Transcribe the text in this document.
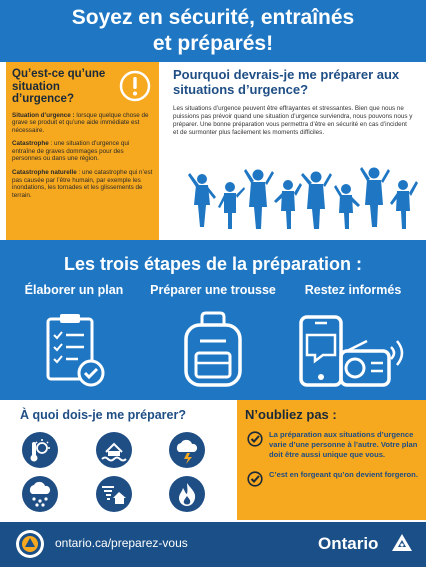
Soyez en sécurité, entraînés
et préparés!
Qu’est-ce qu’une situation d’urgence?

Situation d’urgence : lorsque quelque chose de grave se produit et qu’une aide immédiate est nécessaire.

Catastrophe : une situation d’urgence qui entraîne de graves dommages pour des personnes ou dans une région.

Catastrophe naturelle : une catastrophe qui n’est pas causée par l’être humain, par exemple les inondations, les tornades et les glissements de terrain.

Pourquoi devrais-je me préparer aux situations d’urgence?

Les situations d’urgence peuvent être effrayantes et stressantes. Bien que nous ne puissions pas prévoir quand une situation d’urgence surviendra, nous pouvons nous y préparer. Une bonne préparation vous permettra d’être en sécurité en cas d’incident et de surmonter plus facilement les moments difficiles.

Les trois étapes de la préparation :
Élaborer un plan	Préparer une trousse	Restez informés
À quoi dois-je me préparer?	N’oubliez pas :
La préparation aux situations d’urgence varie d’une personne à l’autre. Votre plan doit être aussi unique que vous.
C’est en forgeant qu’on devient forgeron.
ontario.ca/preparez-vous	Ontario
